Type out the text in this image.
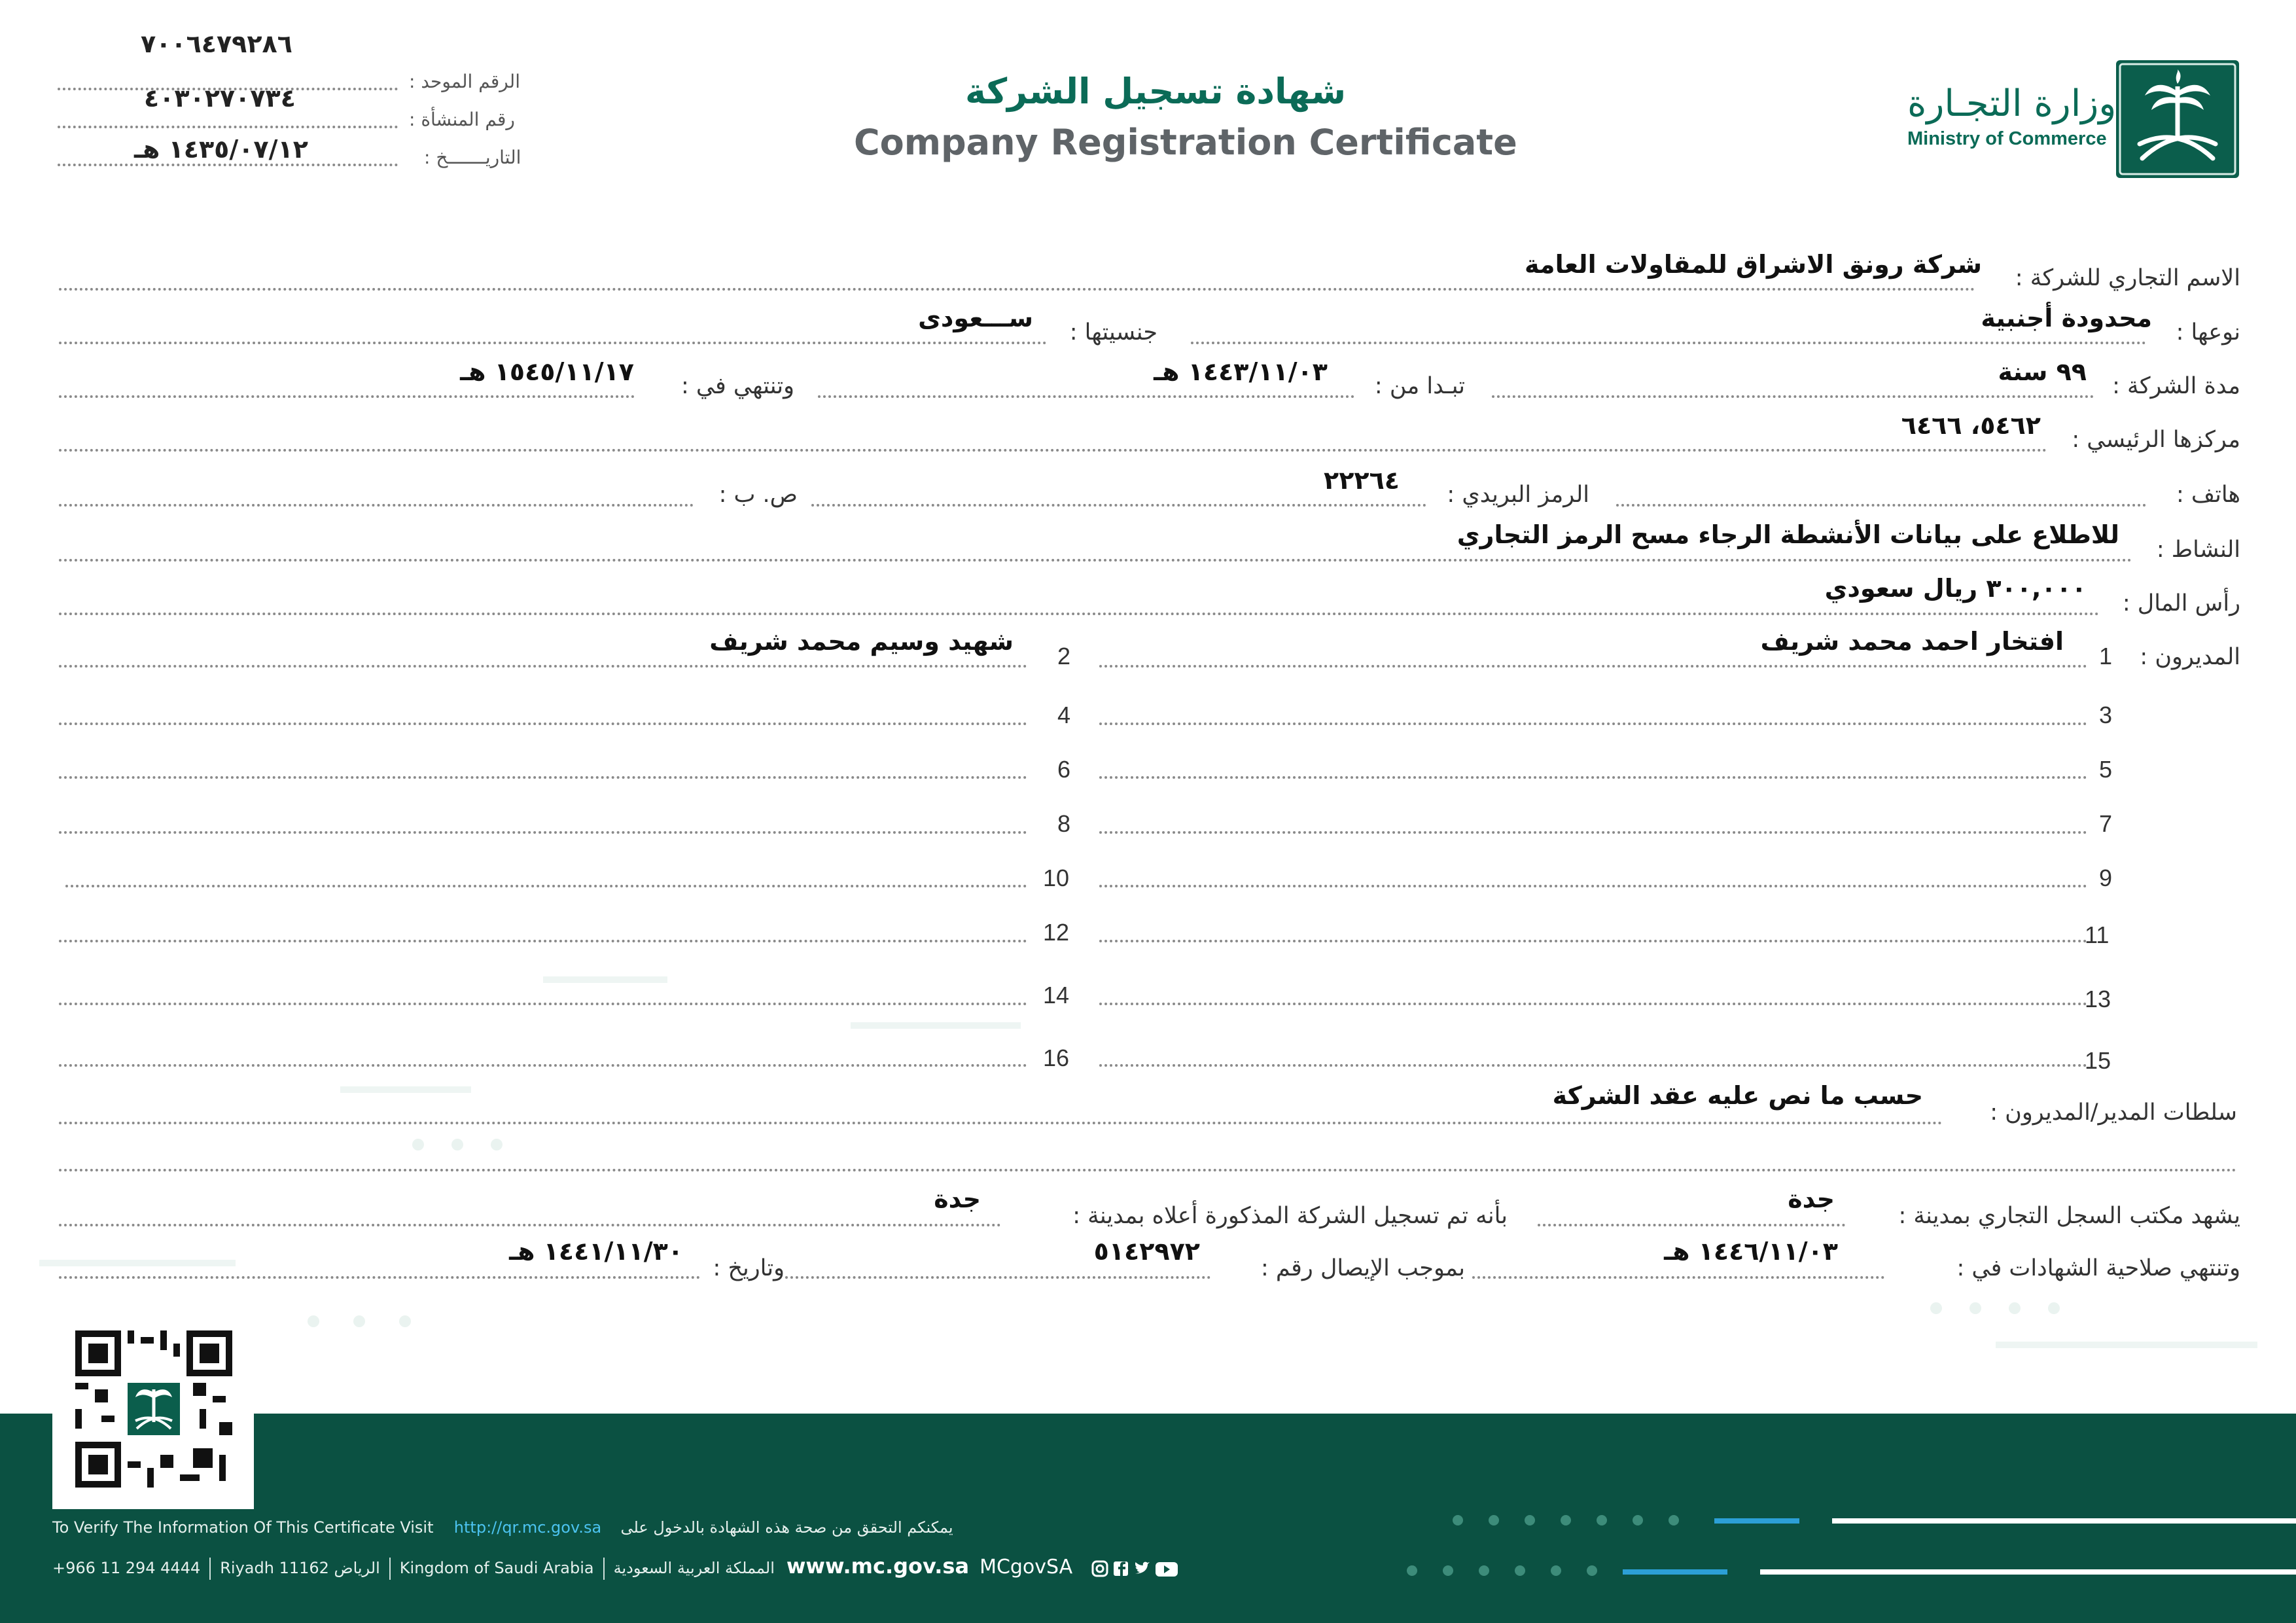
وزارة التجـارة
Ministry of Commerce
شهادة تسجيل الشركة
Company Registration Certificate
٧٠٠٦٤٧٩٢٨٦
الرقم الموحد :
٤٠٣٠٢٧٠٧٣٤
رقم المنشأة :
١٤٣٥/٠٧/١٢ هـ	التاريـــــــخ :
الاسم التجاري للشركة :
شركة رونق الاشراق للمقاولات العامة
نوعها :
محدودة أجنبية
جنسيتها :
ســـعودى
مدة الشركة :
٩٩ سنة
تبـدا من :
١٤٤٣/١١/٠٣ هـ
وتنتهي في :
١٥٤٥/١١/١٧ هـ
مركزها الرئيسي :
٥٤٦٢، ٦٤٦٦
هاتف :
الرمز البريدي :
٢٢٢٦٤
ص. ب :
النشاط :
للاطلاع على بيانات الأنشطة الرجاء مسح الرمز التجاري
رأس المال :
٣٠٠,٠٠٠ ريال سعودي
المديرون :
افتخار احمد محمد شريف
شهيد وسيم محمد شريف
1
2
3
4
5
6
7
8
9
10
11
12
13
14
15
16
سلطات المدير/المديرون :
حسب ما نص عليه عقد الشركة
يشهد مكتب السجل التجاري بمدينة :
جدة
بأنه تم تسجيل الشركة المذكورة أعلاه بمدينة :
جدة
وتنتهي صلاحية الشهادات في :
١٤٤٦/١١/٠٣ هـ
بموجب الإيصال رقم :
٥١٤٢٩٧٢
وتاريخ :
١٤٤١/١١/٣٠ هـ
To Verify The Information Of This Certificate Visit http://qr.mc.gov.sa يمكنكم التحقق من صحة هذه الشهادة بالدخول على
+966 11 294 4444 Riyadh 11162 الرياض Kingdom of Saudi Arabia المملكة العربية السعودية www.mc.gov.sa MCgovSA
